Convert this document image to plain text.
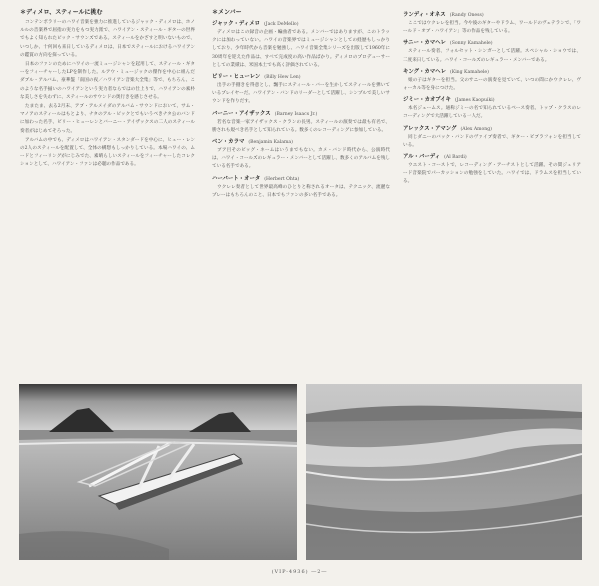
＊ディメロ、スティールに挑む

コンテンポラリーのハワイ音楽を強力に推進しているジャック・ディメロは、ホノルルの音楽界で屈指の実力をもつ実力派で、ハワイアン・スティール・ギターの世界でもよく知られたピック・サウンズである。スティールをかざすと明いないもので、いつしか、十何回も来日しているディメロは、日本でスティールにおけるハワイアンの鑑賞の方向を探っている。

日本のファンのためにハワイの一流ミュージシャンを起用して、スティール・ギターをフィーチャーしたLPを制作した。ルアウ・ミュージックの傑作を中心に組んだダブル・アルバム、豪華盤「南国の夜／ハワイアン音楽大全集」等で、もちろん、このような名手揃いのハワイアンという実力者ならではの仕上りで、ハワイアンの素朴な美しさを失わずに、スティールのサウンドの奥行きを感じさせる。

たまたま、去る2月末、アブ・アルメイダのアルバム・サウンドにおいて、サム・マノアのスティールはもとより、ナタのアル・ピックとでもいうベきナタ公のバンドに加わった名手、ビリー・ヒューレンとバーニー・アイザックスの二人のスティール奏者がはじめてそろった。

アルバムの中でも、ディメロはハワイアン・スタンダードを中心に、ヒュー・レンの2人のスティールを配置して、全体の構想もしっかりしている。本場ハワイの、ムードとフィーリングがにじみでた、素晴らしいスティールをフィーチャーしたコレクションとして、ハワイアン・ファンは必聴の作品である。

＊メンバー
ジャック・ディメロ (Jack DeMello)

ディメロはこの録音の企画・編曲者である。メンバーではありますが、このトラックには加わっていない。ハワイの音楽界ではミュージシャンとしての経歴もしっかりしており、少年時代から音楽を勉強し、ハワイ音楽全集シリーズを出版して1960年に30周年を迎えた作品は、すべて完成度の高い作品ばかり。ディメロのプロデューサーとしての業績は、米国本土でも高く評価されている。

ビリー・ヒューレン (Billy Hew Len)

出手の手捌きを得意とし、飄手にスティール・バーを生かしてスティールを弾いているプレイヤーだ。ハワイアン・バンドのリーダーとして活躍し、シンプルで美しいサウンドを作りだす。

バーニー・アイザックス (Barney Isaacs Jr.)

若名な音楽一家アイザックス・クランの長男。スティールの演奏では最も有名で、勝されも規べき名手として知られている。数多くのレコーディングに参加している。

ベン・カラマ (Benjamin Kalama)

ブア目そのビッグ・ネームはいうまでもない。カメ・バンド時代から、公演時代は、ハワイ・コールズのレギュラー・メンバーとして活躍し、数多くのアルバムを残している名手である。

ハーバート・オータ (Herbert Ohta)

ウクレレ奏者として世界最高峰のひとりと称されるオータは、テクニック、流麗なプレーはもちろんのこと、日本でもファンの多い名手である。

ランディ・オネス (Randy Oness)

ここではウクレレを担当。今や彼のギターやドラム、ワールドのヴェテランで、「ワールド・オブ・ハワイアン」等の作品を残している。

サニー・カマヘレ (Sonny Kamahele)

スティール奏者、フォルセット・シンガーとして活躍。スペシャル・ショウでは、二度来日している。ハワイ・コールズのレギュラー・メンバーである。

キング・カマヘレ (King Kamahele)

娘の子はギターを担当。父のサニーの演奏を見ていて、いつの間にかウクレレ、ヴォーカル等を身につけた。

ジミー・カオプイキ (James Kaopuiki)

本名ジェームス。通称ジミーの名で知られているベース奏者。トップ・クラスのレコーディングで大活躍している一人だ。

アレックス・アマング (Alex Among)

同じダニーのバック・バンドのヴァイブ奏者で、ギター・ビブラフォンを担当している。

アル・バーディ (Al Bardi)

ウエスト・コーストで、レコーディング・アーチストとして活躍。その間ジュリアード音楽院でパーカッションの勉強をしていた。ハワイでは、ドラムスを担当している。

(VIP-4936) ―2―
